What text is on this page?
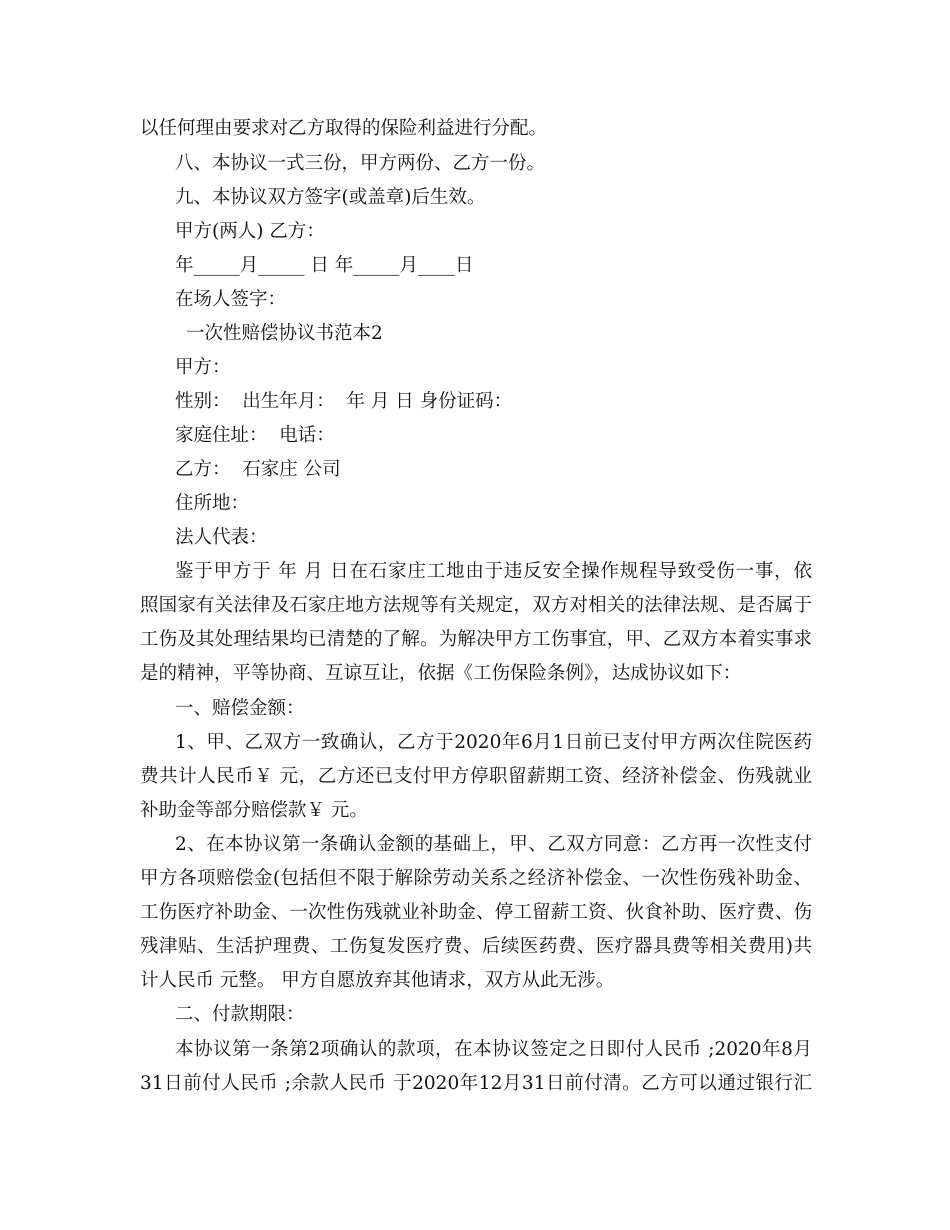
以任何理由要求对乙方取得的保险利益进行分配。
八、本协议一式三份，甲方两份、乙方一份。
九、本协议双方签字(或盖章)后生效。
甲方(两人) 乙方：
年_____月_____ 日 年_____月____日
在场人签字：
一次性赔偿协议书范本2
甲方：
性别：  出生年月：  年 月 日 身份证码：
家庭住址：  电话：
乙方：  石家庄 公司
住所地：
法人代表：
鉴于甲方于 年 月 日在石家庄工地由于违反安全操作规程导致受伤一事，依
照国家有关法律及石家庄地方法规等有关规定，双方对相关的法律法规、是否属于
工伤及其处理结果均已清楚的了解。为解决甲方工伤事宜，甲、乙双方本着实事求
是的精神，平等协商、互谅互让，依据《工伤保险条例》，达成协议如下：
一、赔偿金额：
1、甲、乙双方一致确认，乙方于2020年6月1日前已支付甲方两次住院医药
费共计人民币￥ 元，乙方还已支付甲方停职留薪期工资、经济补偿金、伤残就业
补助金等部分赔偿款￥ 元。
2、在本协议第一条确认金额的基础上，甲、乙双方同意：乙方再一次性支付
甲方各项赔偿金(包括但不限于解除劳动关系之经济补偿金、一次性伤残补助金、
工伤医疗补助金、一次性伤残就业补助金、停工留薪工资、伙食补助、医疗费、伤
残津贴、生活护理费、工伤复发医疗费、后续医药费、医疗器具费等相关费用)共
计人民币 元整。 甲方自愿放弃其他请求，双方从此无涉。
二、付款期限：
本协议第一条第2项确认的款项，在本协议签定之日即付人民币 ;2020年8月
31日前付人民币 ;余款人民币 于2020年12月31日前付清。乙方可以通过银行汇
